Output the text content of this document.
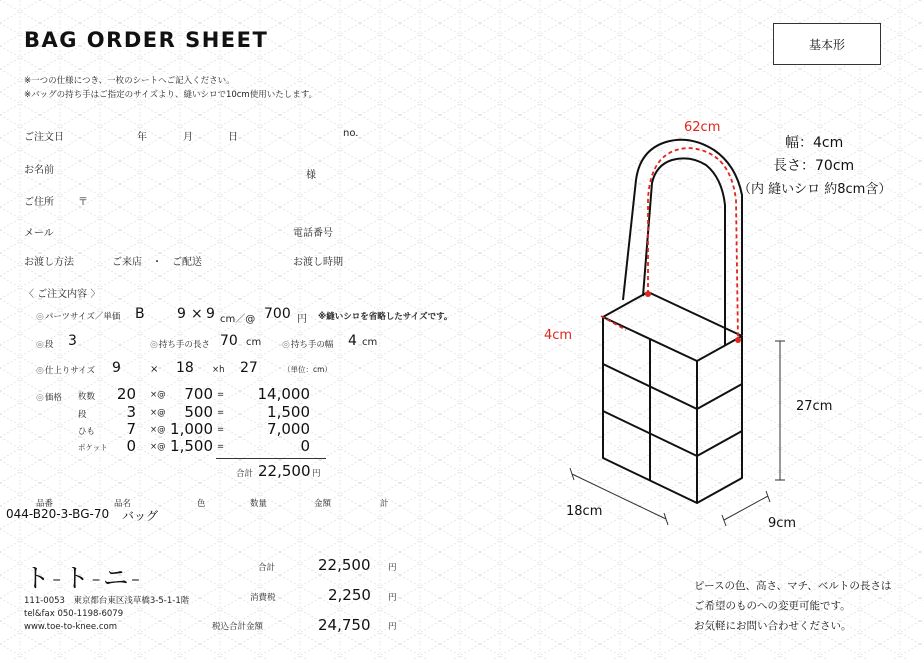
BAG ORDER SHEET
※一つの仕様につき、一枚のシートへご記入ください。
※バッグの持ち手はご指定のサイズより、縫いシロで10cm使用いたします。
基本形
ご注文日	年	月	日	no.
お名前	様
ご住所 〒
メール	電話番号
お渡し方法	ご来店　・　ご配送	お渡し時期
〈 ご注文内容 〉
◎ パーツサイズ／単価 B 9 × 9 cm／@ 700 円 ※縫いシロを省略したサイズです。
◎ 段 3	◎ 持ち手の長さ 70 cm	◎ 持ち手の幅 4 cm
◎ 仕上りサイズ 9	× 18 ×h 27	（単位：cm）
◎ 価格 枚数	20 ×@	700 =	14,000
段	3 ×@	500 =	1,500
ひも	7 ×@ 1,000 =	7,000
ポケット	0 ×@ 1,500 =	0
合計 22,500 円
品番	品名	色	数量	金額	計
044-B20-3-BG-70 バッグ
ト-ト-ニ-
111-0053　東京都台東区浅草橋3-5-1-1階
tel&fax 050-1198-6079
www.toe-to-knee.com
合計	22,500 円
消費税	2,250 円
税込合計金額	24,750 円
62cm
4cm
27cm
18cm
9cm
幅：4cm
長さ：70cm
（内 縫いシロ 約8cm含）
ピースの色、高さ、マチ、ベルトの長さは
ご希望のものへの変更可能です。
お気軽にお問い合わせください。
